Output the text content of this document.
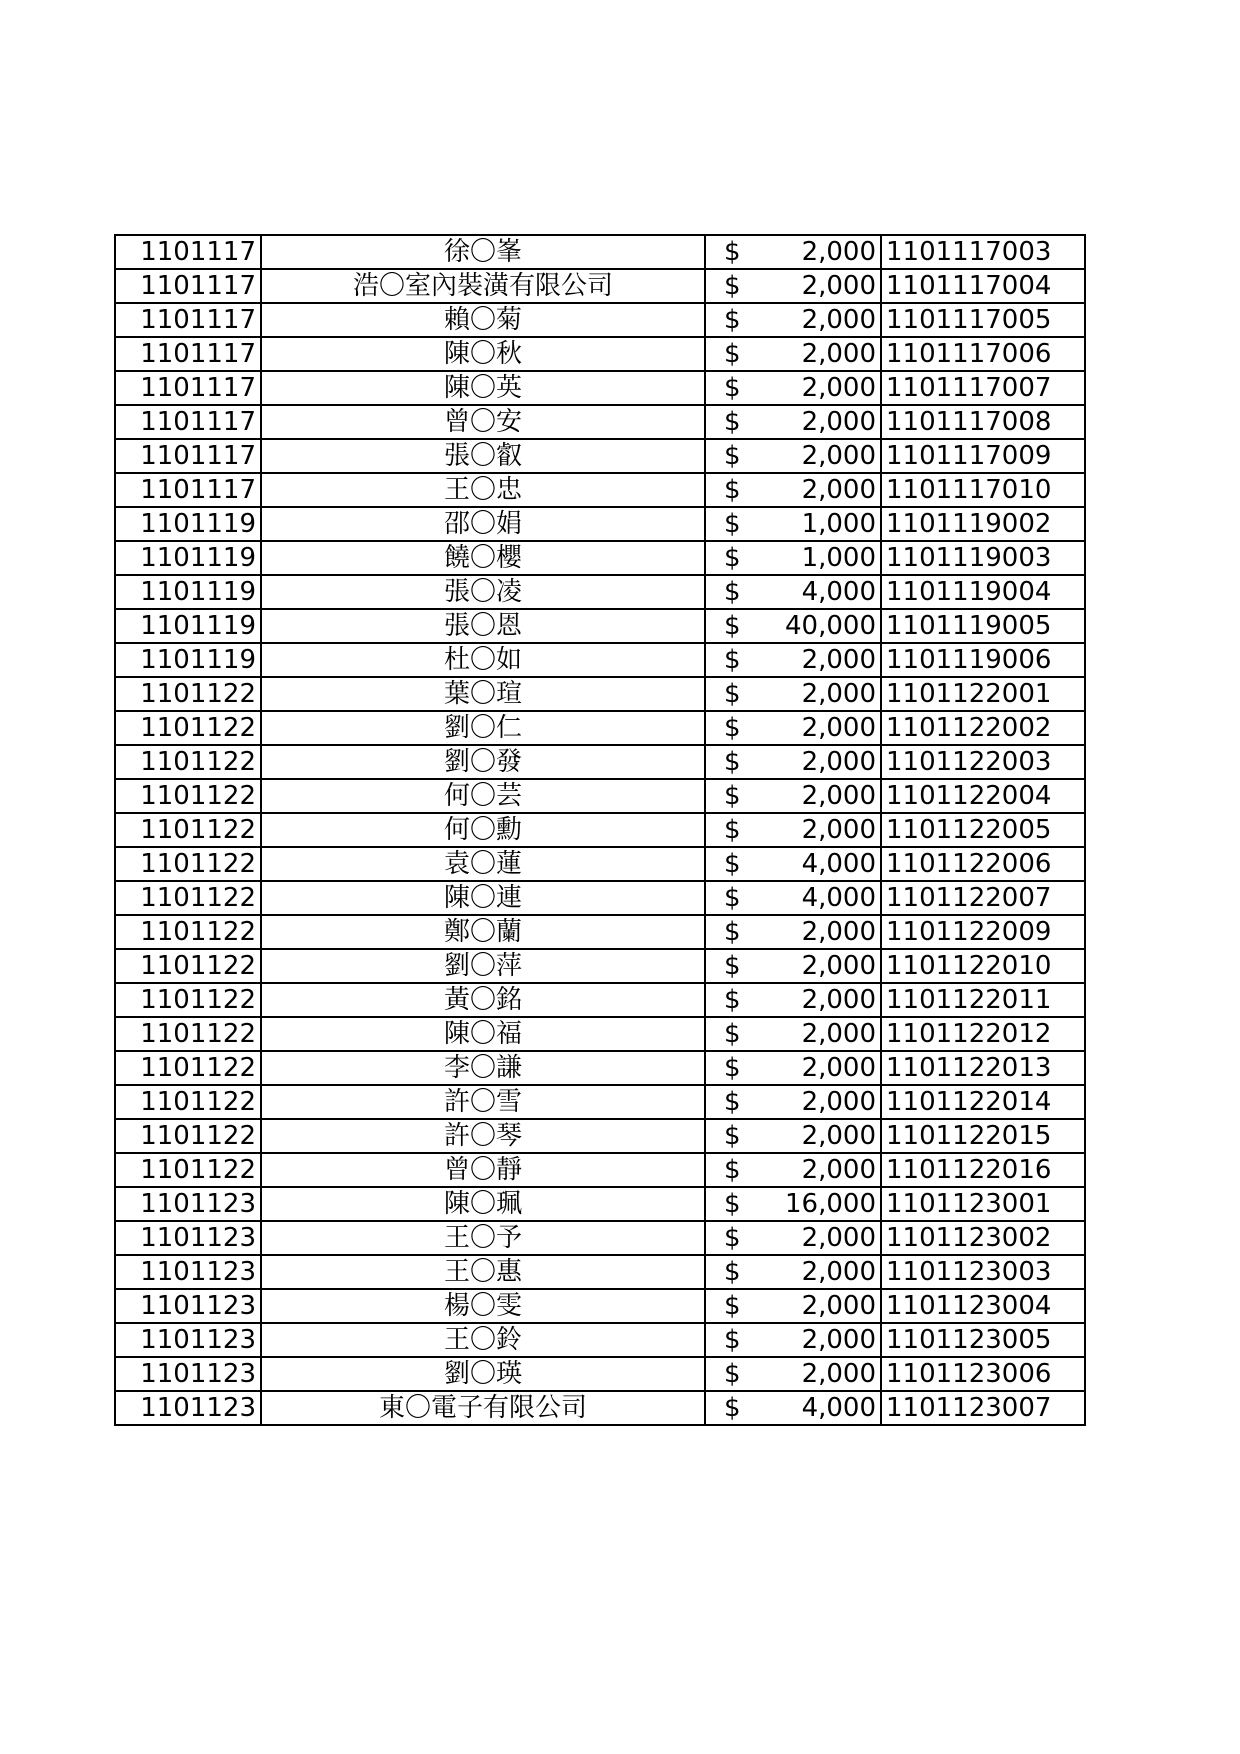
1101117	徐〇峯	$ 2,000	1101117003
1101117	浩〇室內裝潢有限公司	$ 2,000	1101117004
1101117	賴〇菊	$ 2,000	1101117005
1101117	陳〇秋	$ 2,000	1101117006
1101117	陳〇英	$ 2,000	1101117007
1101117	曾〇安	$ 2,000	1101117008
1101117	張〇叡	$ 2,000	1101117009
1101117	王〇忠	$ 2,000	1101117010
1101119	邵〇娟	$ 1,000	1101119002
1101119	饒〇櫻	$ 1,000	1101119003
1101119	張〇凌	$ 4,000	1101119004
1101119	張〇恩	$ 40,000	1101119005
1101119	杜〇如	$ 2,000	1101119006
1101122	葉〇瑄	$ 2,000	1101122001
1101122	劉〇仁	$ 2,000	1101122002
1101122	劉〇發	$ 2,000	1101122003
1101122	何〇芸	$ 2,000	1101122004
1101122	何〇勳	$ 2,000	1101122005
1101122	袁〇蓮	$ 4,000	1101122006
1101122	陳〇連	$ 4,000	1101122007
1101122	鄭〇蘭	$ 2,000	1101122009
1101122	劉〇萍	$ 2,000	1101122010
1101122	黃〇銘	$ 2,000	1101122011
1101122	陳〇福	$ 2,000	1101122012
1101122	李〇謙	$ 2,000	1101122013
1101122	許〇雪	$ 2,000	1101122014
1101122	許〇琴	$ 2,000	1101122015
1101122	曾〇靜	$ 2,000	1101122016
1101123	陳〇珮	$ 16,000	1101123001
1101123	王〇予	$ 2,000	1101123002
1101123	王〇惠	$ 2,000	1101123003
1101123	楊〇雯	$ 2,000	1101123004
1101123	王〇鈴	$ 2,000	1101123005
1101123	劉〇瑛	$ 2,000	1101123006
1101123	東〇電子有限公司	$ 4,000	1101123007
